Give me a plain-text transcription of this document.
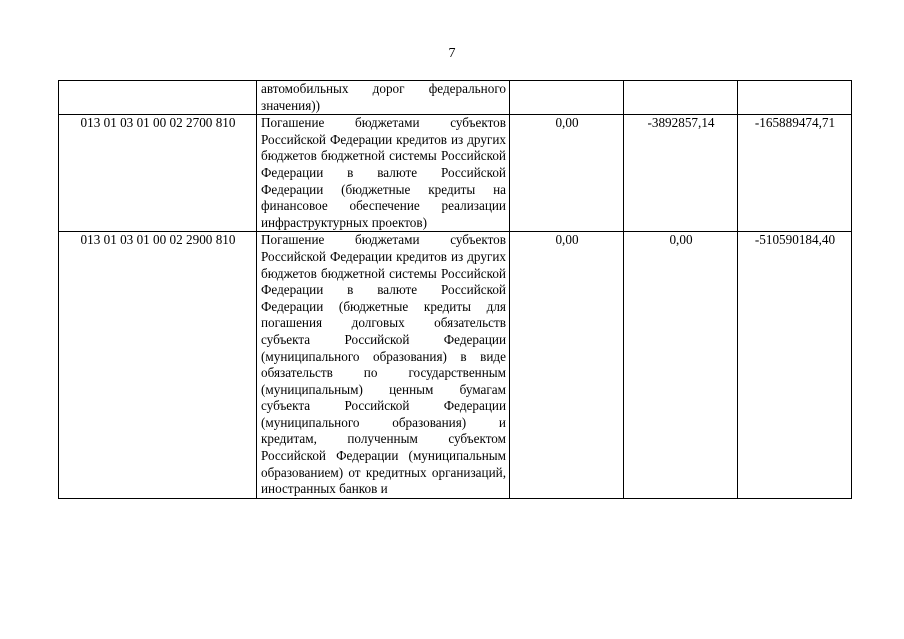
7
	автомобильных дорог федерального значения))			
013 01 03 01 00 02 2700 810	Погашение бюджетами субъектов Российской Федерации кредитов из других бюджетов бюджетной системы Российской Федерации в валюте Российской Федерации (бюджетные кредиты на финансовое обеспечение реализации инфраструктурных проектов)	0,00	-3892857,14	-165889474,71
013 01 03 01 00 02 2900 810	Погашение бюджетами субъектов Российской Федерации кредитов из других бюджетов бюджетной системы Российской Федерации в валюте Российской Федерации (бюджетные кредиты для погашения долговых обязательств субъекта Российской Федерации (муниципального образования) в виде обязательств по государственным (муниципальным) ценным бумагам субъекта Российской Федерации (муниципального образования) и кредитам, полученным субъектом Российской Федерации (муниципальным образованием) от кредитных организаций, иностранных банков и	0,00	0,00	-510590184,40
